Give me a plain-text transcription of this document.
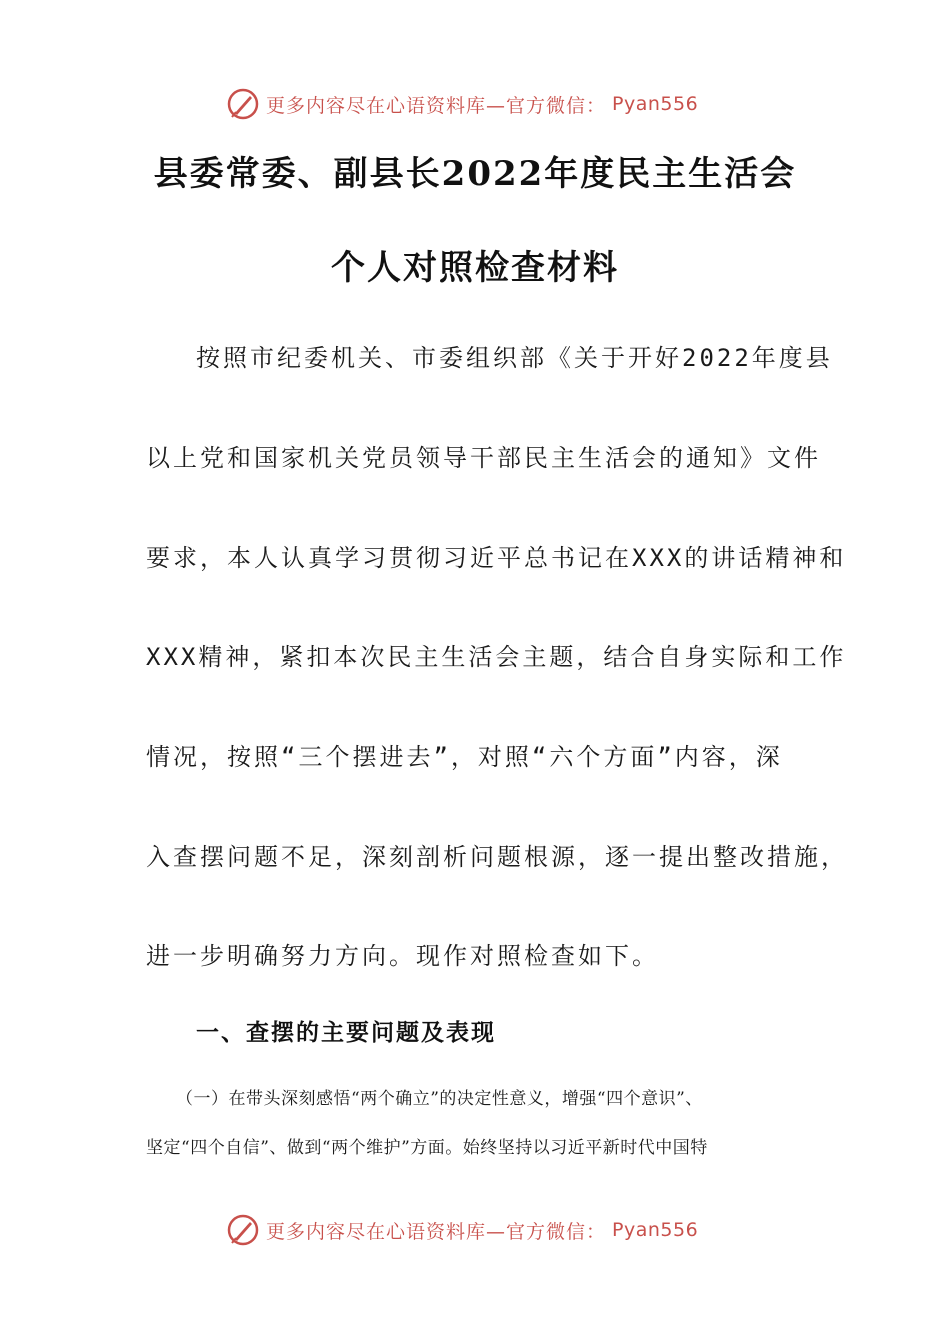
更多内容尽在心语资料库—官方微信： Pyan556
县委常委、副县长2022年度民主生活会
个人对照检查材料

按照市纪委机关、市委组织部《关于开好2022年度县

以上党和国家机关党员领导干部民主生活会的通知》文件

要求，本人认真学习贯彻习近平总书记在XXX的讲话精神和

XXX精神，紧扣本次民主生活会主题，结合自身实际和工作

情况，按照“三个摆进去”，对照“六个方面”内容，深

入查摆问题不足，深刻剖析问题根源，逐一提出整改措施，

进一步明确努力方向。现作对照检查如下。

一、查摆的主要问题及表现

（一）在带头深刻感悟“两个确立”的决定性意义，增强“四个意识”、

坚定“四个自信”、做到“两个维护”方面。始终坚持以习近平新时代中国特

更多内容尽在心语资料库—官方微信： Pyan556
